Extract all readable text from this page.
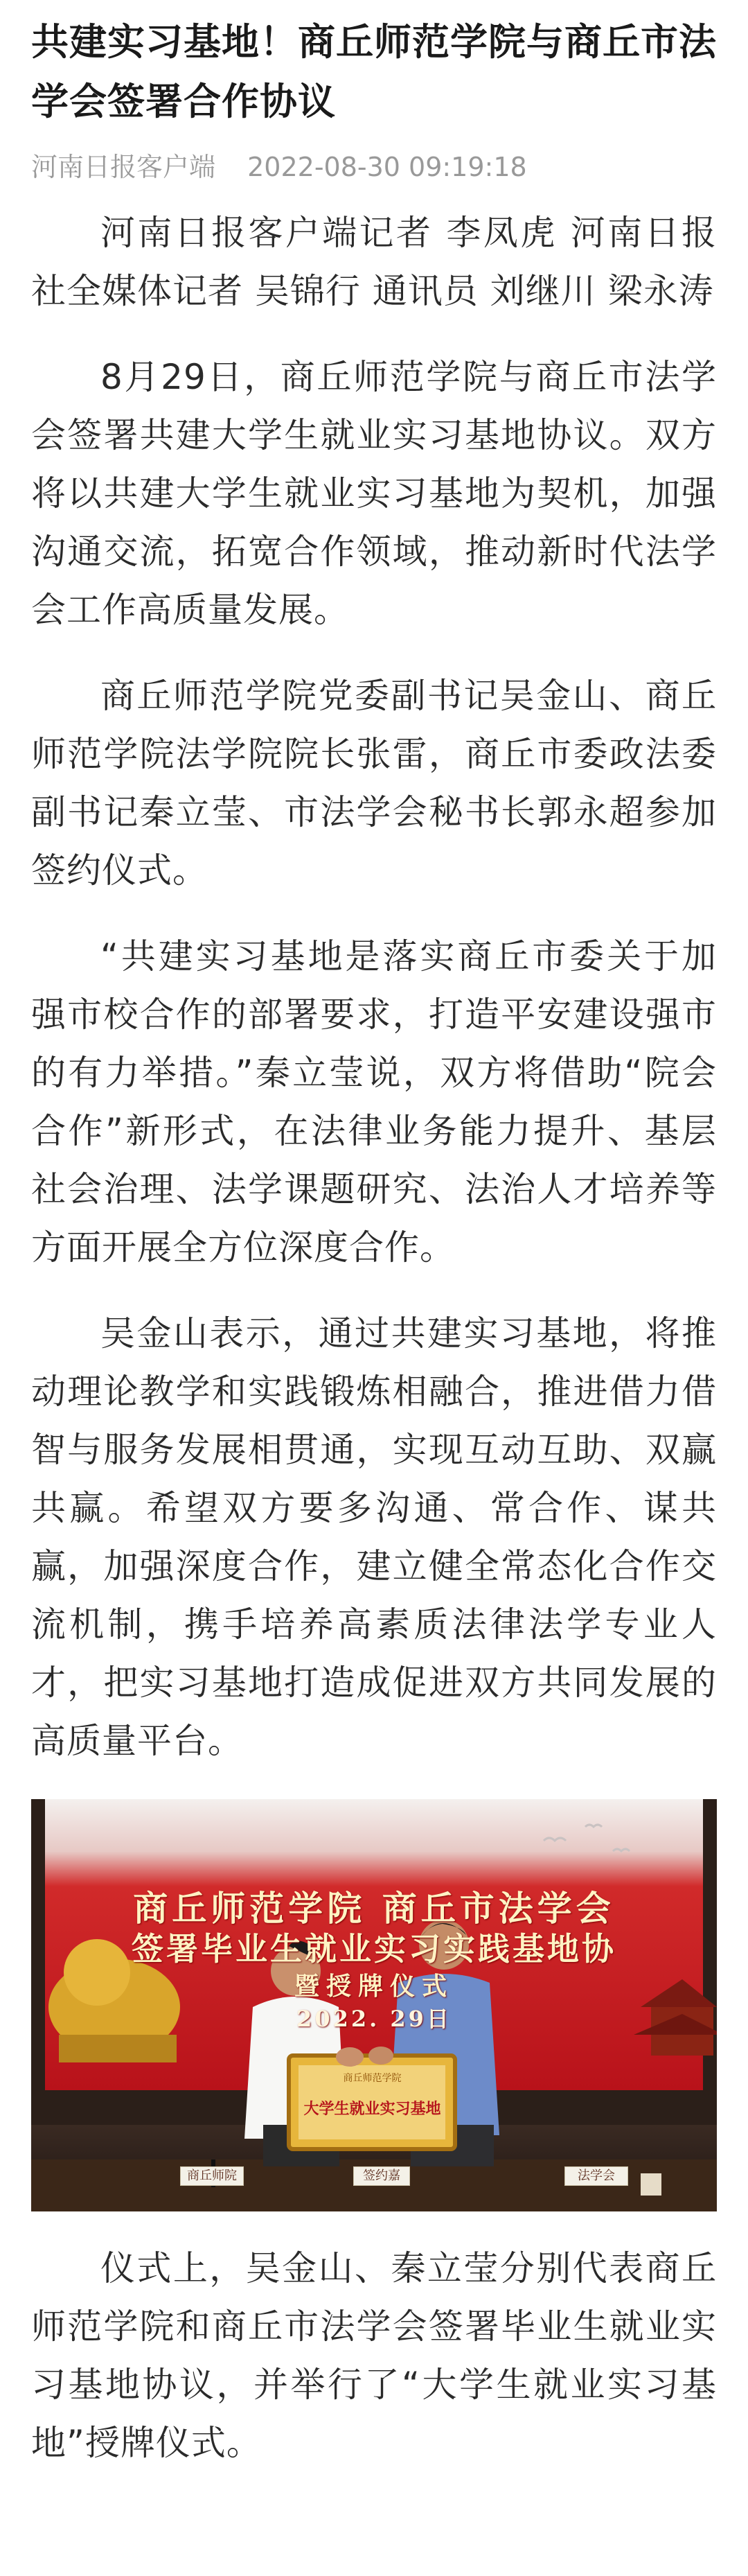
共建实习基地！商丘师范学院与商丘市法学会签署合作协议
河南日报客户端 2022-08-30 09:19:18

河南日报客户端记者 李凤虎 河南日报社全媒体记者 吴锦行 通讯员 刘继川 梁永涛

8月29日，商丘师范学院与商丘市法学会签署共建大学生就业实习基地协议。双方将以共建大学生就业实习基地为契机，加强沟通交流，拓宽合作领域，推动新时代法学会工作高质量发展。

商丘师范学院党委副书记吴金山、商丘师范学院法学院院长张雷，商丘市委政法委副书记秦立莹、市法学会秘书长郭永超参加签约仪式。

“共建实习基地是落实商丘市委关于加强市校合作的部署要求，打造平安建设强市的有力举措。”秦立莹说，双方将借助“院会合作”新形式，在法律业务能力提升、基层社会治理、法学课题研究、法治人才培养等方面开展全方位深度合作。

吴金山表示，通过共建实习基地，将推动理论教学和实践锻炼相融合，推进借力借智与服务发展相贯通，实现互动互助、双赢共赢。希望双方要多沟通、常合作、谋共赢，加强深度合作，建立健全常态化合作交流机制，携手培养高素质法律法学专业人才，把实习基地打造成促进双方共同发展的高质量平台。

商丘师范学院 商丘市法学会
签署毕业生就业实习实践基地协
暨授牌仪式
2022. 29日
商丘师范学院
大学生就业实习基地
商丘师院	签约嘉	法学会

仪式上，吴金山、秦立莹分别代表商丘师范学院和商丘市法学会签署毕业生就业实习基地协议，并举行了“大学生就业实习基地”授牌仪式。
